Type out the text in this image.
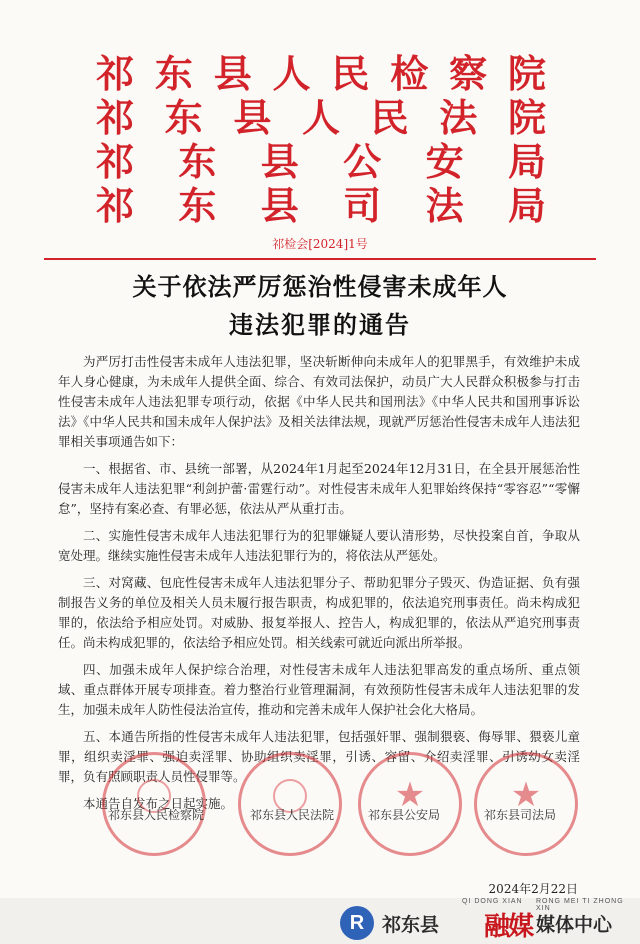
祁 东 县 人 民 检 察 院
祁 东 县 人 民 法 院
祁 东 县 公 安 局
祁 东 县 司 法 局
祁检会[2024]1号
关于依法严厉惩治性侵害未成年人
违法犯罪的通告

为严厉打击性侵害未成年人违法犯罪，坚决斩断伸向未成年人的犯罪黑手，有效维护未成年人身心健康，为未成年人提供全面、综合、有效司法保护，动员广大人民群众积极参与打击性侵害未成年人违法犯罪专项行动，依据《中华人民共和国刑法》《中华人民共和国刑事诉讼法》《中华人民共和国未成年人保护法》及相关法律法规，现就严厉惩治性侵害未成年人违法犯罪相关事项通告如下：

一、根据省、市、县统一部署，从2024年1月起至2024年12月31日，在全县开展惩治性侵害未成年人违法犯罪“利剑护蕾·雷霆行动”。对性侵害未成年人犯罪始终保持“零容忍”“零懈怠”，坚持有案必查、有罪必惩，依法从严从重打击。

二、实施性侵害未成年人违法犯罪行为的犯罪嫌疑人要认清形势，尽快投案自首，争取从宽处理。继续实施性侵害未成年人违法犯罪行为的，将依法从严惩处。

三、对窝藏、包庇性侵害未成年人违法犯罪分子、帮助犯罪分子毁灭、伪造证据、负有强制报告义务的单位及相关人员未履行报告职责，构成犯罪的，依法追究刑事责任。尚未构成犯罪的，依法给予相应处罚。对威胁、报复举报人、控告人，构成犯罪的，依法从严追究刑事责任。尚未构成犯罪的，依法给予相应处罚。相关线索可就近向派出所举报。

四、加强未成年人保护综合治理，对性侵害未成年人违法犯罪高发的重点场所、重点领域、重点群体开展专项排查。着力整治行业管理漏洞，有效预防性侵害未成年人违法犯罪的发生，加强未成年人防性侵法治宣传，推动和完善未成年人保护社会化大格局。

五、本通告所指的性侵害未成年人违法犯罪，包括强奸罪、强制猥亵、侮辱罪、猥亵儿童罪，组织卖淫罪、强迫卖淫罪、协助组织卖淫罪，引诱、容留、介绍卖淫罪、引诱幼女卖淫罪，负有照顾职责人员性侵罪等。

本通告自发布之日起实施。

祁东县人民检察院	祁东县人民法院	★
祁东县公安局	★
祁东县司法局
2024年2月22日
QI DONG XIAN RONG MEI TI ZHONG XIN
R 祁东县 融媒 媒体中心
